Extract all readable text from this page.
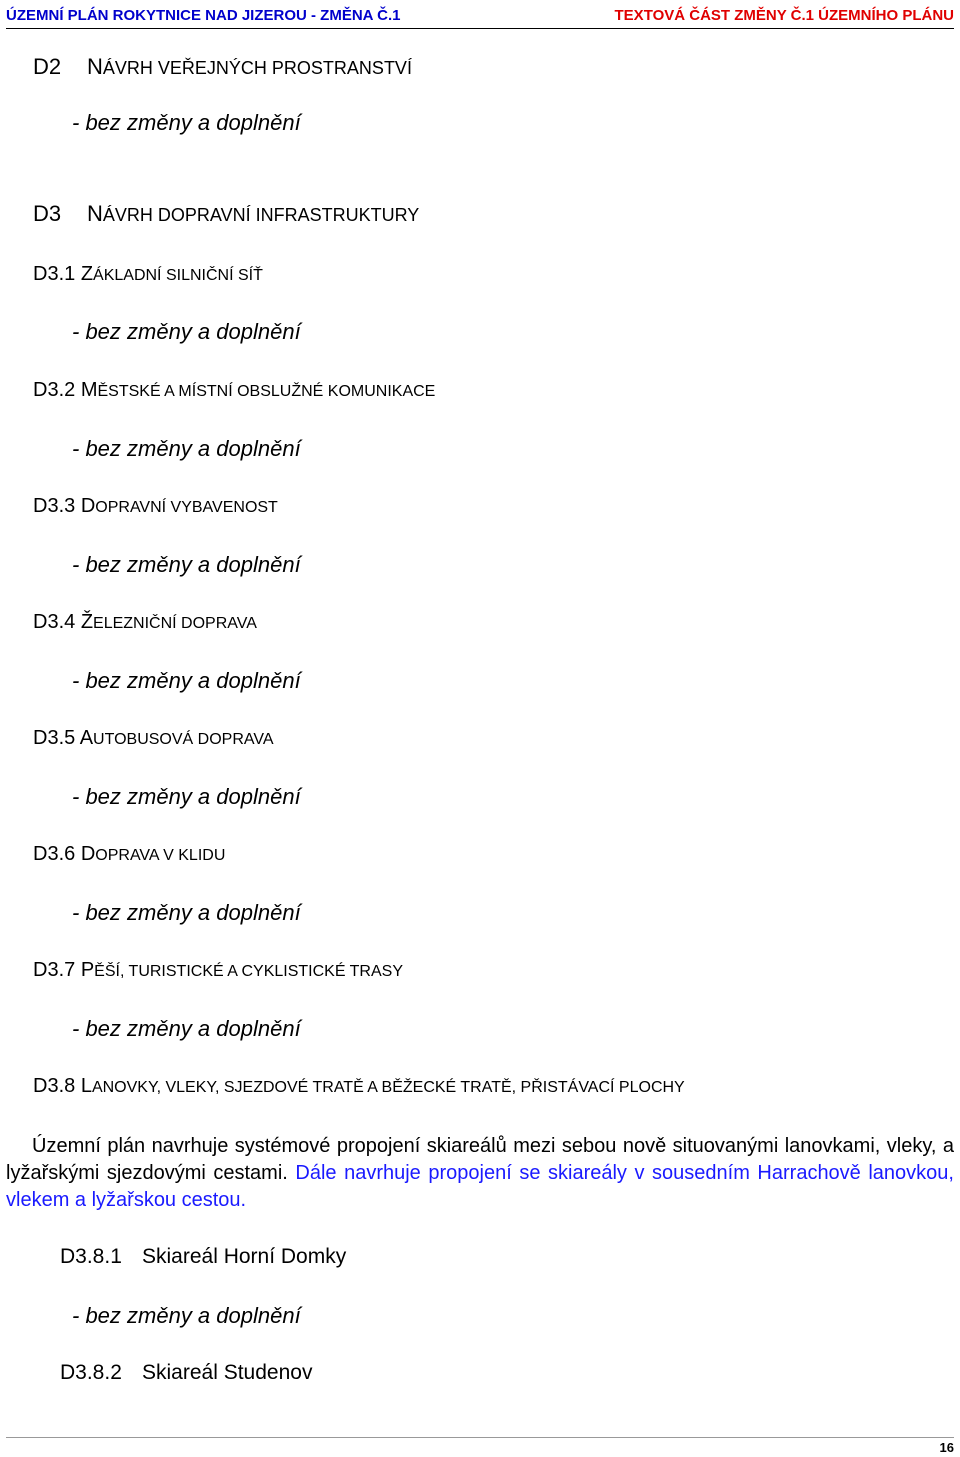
ÚZEMNÍ PLÁN ROKYTNICE NAD JIZEROU - ZMĚNA Č.1	TEXTOVÁ ČÁST ZMĚNY Č.1 ÚZEMNÍHO PLÁNU
D2 NÁVRH VEŘEJNÝCH PROSTRANSTVÍ
- bez změny a doplnění
D3 NÁVRH DOPRAVNÍ INFRASTRUKTURY
D3.1 ZÁKLADNÍ SILNIČNÍ SÍŤ
- bez změny a doplnění
D3.2 MĚSTSKÉ A MÍSTNÍ OBSLUŽNÉ KOMUNIKACE
- bez změny a doplnění
D3.3 DOPRAVNÍ VYBAVENOST
- bez změny a doplnění
D3.4 ŽELEZNIČNÍ DOPRAVA
- bez změny a doplnění
D3.5 AUTOBUSOVÁ DOPRAVA
- bez změny a doplnění
D3.6 DOPRAVA V KLIDU
- bez změny a doplnění
D3.7 PĚŠÍ, TURISTICKÉ A CYKLISTICKÉ TRASY
- bez změny a doplnění
D3.8 LANOVKY, VLEKY, SJEZDOVÉ TRATĚ A BĚŽECKÉ TRATĚ, PŘISTÁVACÍ PLOCHY
Územní plán navrhuje systémové propojení skiareálů mezi sebou nově situovanými lanovkami, vleky, a lyžařskými sjezdovými cestami. Dále navrhuje propojení se skiareály v sousedním Harrachově lanovkou, vlekem a lyžařskou cestou.
D3.8.1 Skiareál Horní Domky
- bez změny a doplnění
D3.8.2 Skiareál Studenov
16
